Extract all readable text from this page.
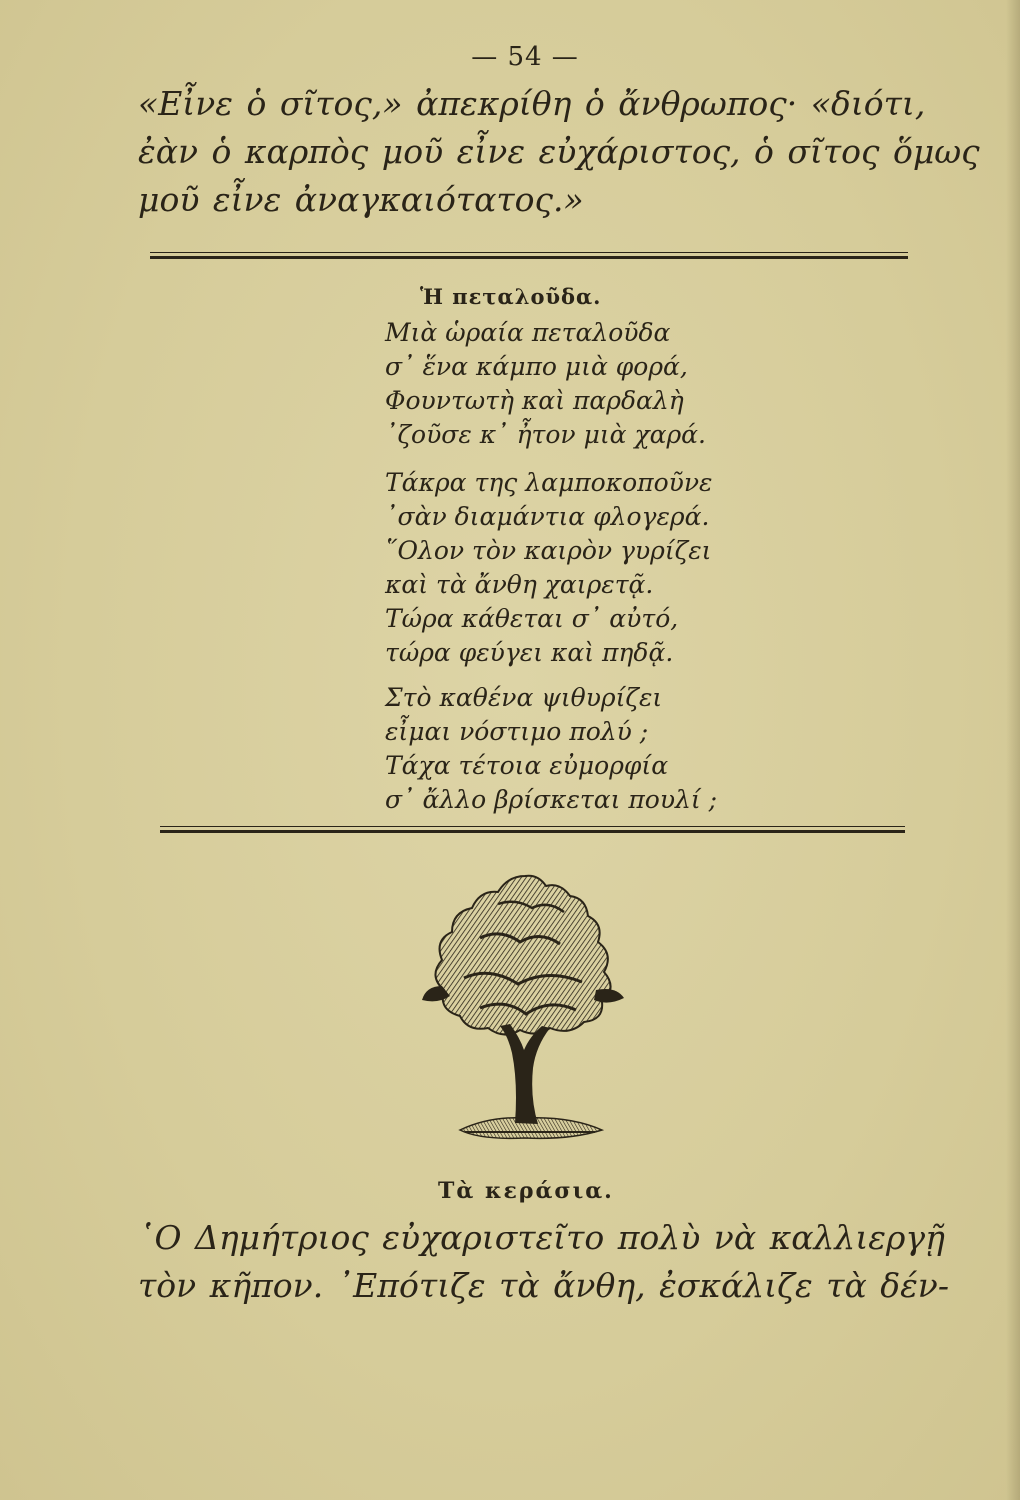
— 54 —
«Εἶνε ὁ σῖτος,» ἀπεκρίθη ὁ ἄνθρωπος· «διότι,
ἐὰν ὁ καρπὸς μοῦ εἶνε εὐχάριστος, ὁ σῖτος ὅμως
μοῦ εἶνε ἀναγκαιότατος.»
Ἡ πεταλοῦδα.
Μιὰ ὡραία πεταλοῦδα
σ᾽ ἕνα κάμπο μιὰ φορά,
Φουντωτὴ καὶ παρδαλὴ
᾽ζοῦσε κ᾽ ἦτον μιὰ χαρά.
Τάκρα της λαμποκοποῦνε
᾽σὰν διαμάντια φλογερά.
῞Ολον τὸν καιρὸν γυρίζει
καὶ τὰ ἄνθη χαιρετᾷ.
Τώρα κάθεται σ᾽ αὐτό,
τώρα φεύγει καὶ πηδᾷ.
Στὸ καθένα ψιθυρίζει
εἶμαι νόστιμο πολύ ;
Τάχα τέτοια εὐμορφία
σ᾽ ἄλλο βρίσκεται πουλί ;
Τὰ κεράσια.
῾Ο Δημήτριος εὐχαριστεῖτο πολὺ νὰ καλλιεργῇ
τὸν κῆπον. ᾽Επότιζε τὰ ἄνθη, ἐσκάλιζε τὰ δέν-
